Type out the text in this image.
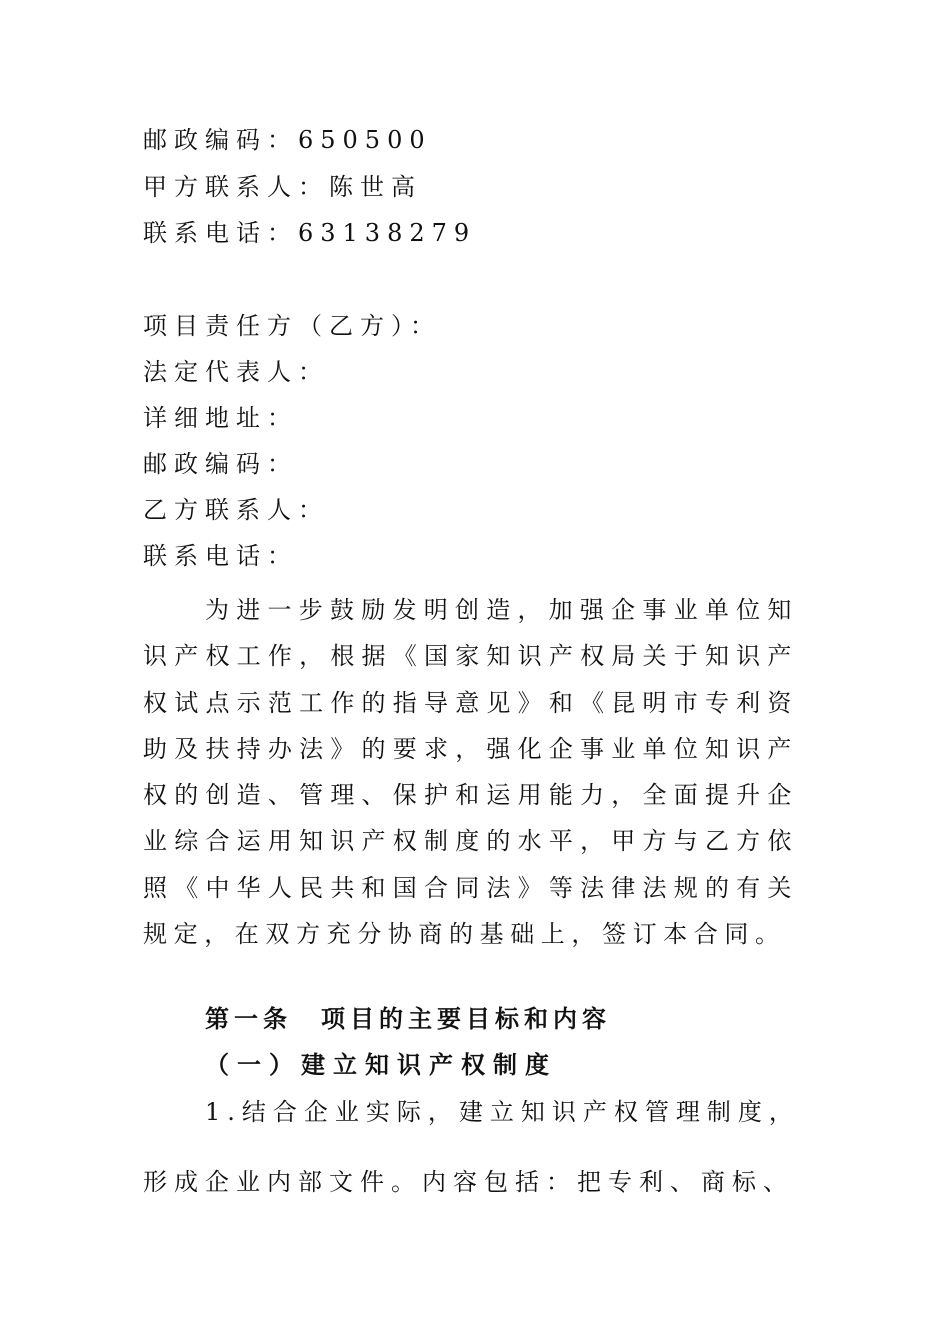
邮政编码：650500
甲方联系人：陈世高
联系电话：63138279
项目责任方（乙方）：
法定代表人：
详细地址：
邮政编码：
乙方联系人：
联系电话：
为进一步鼓励发明创造，加强企事业单位知识产权工作，根据《国家知识产权局关于知识产权试点示范工作的指导意见》和《昆明市专利资助及扶持办法》的要求，强化企事业单位知识产权的创造、管理、保护和运用能力，全面提升企业综合运用知识产权制度的水平，甲方与乙方依照《中华人民共和国合同法》等法律法规的有关规定，在双方充分协商的基础上，签订本合同。
第一条　项目的主要目标和内容
（一）建立知识产权制度
1.结合企业实际，建立知识产权管理制度，
形成企业内部文件。内容包括：把专利、商标、
